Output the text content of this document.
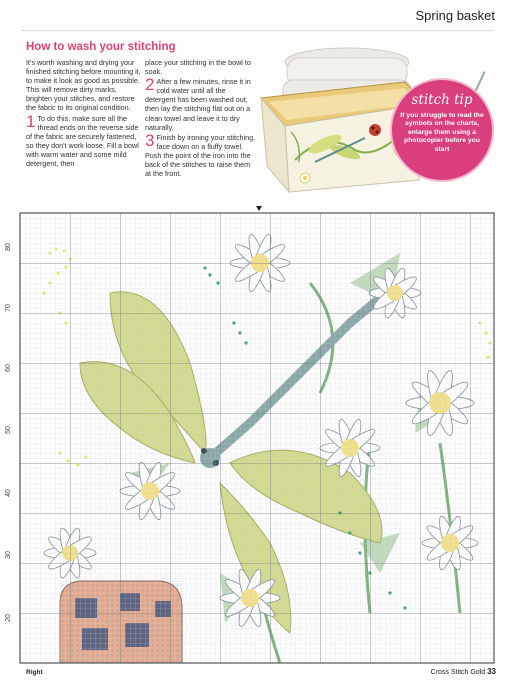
Spring basket
How to wash your stitching

It's worth washing and drying your finished stitching before mounting it, to make it look as good as possible. This will remove dirty marks, brighten your stitches, and restore the fabric to its original condition.

1 To do this, make sure all the thread ends on the reverse side of the fabric are securely fastened, so they don't work loose. Fill a bowl with warm water and some mild detergent, then

place your stitching in the bowl to soak.

2 After a few minutes, rinse it in cold water until all the detergent has been washed out, then lay the stitching flat out on a clean towel and leave it to dry naturally.

3 Finish by ironing your stitching, face down on a fluffy towel. Push the point of the iron into the back of the stitches to raise them at the front.

stitch tip
If you struggle to read the symbols on the charts, enlarge them using a photocopier before you start
80
70
60
50
40
30
20
Right	Cross Stitch Gold 33
